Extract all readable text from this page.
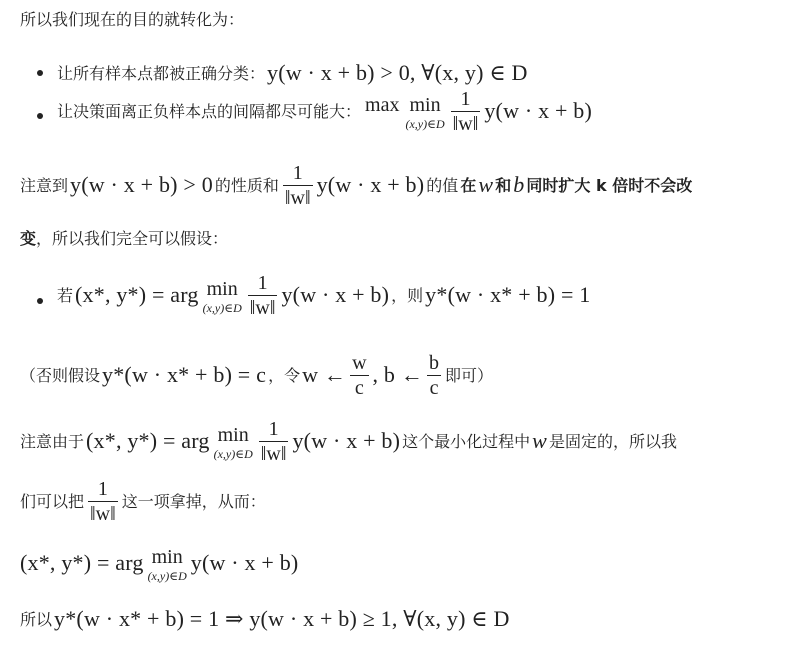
所以我们现在的目的就转化为：
让所有样本点都被正确分类： y(w · x + b) > 0, ∀(x, y) ∈ D
让决策面离正负样本点的间隔都尽可能大： max min
(x,y)∈D $\frac{1}{‖w‖} y(w \cdot x + b)$
注意到 y(w · x + b) > 0 的性质和 $\frac{1}{‖w‖} y(w \cdot x + b)$ 的值 在 w 和 b 同时扩大 k 倍时不会改
变，所以我们完全可以假设：
若 (x*, y*) = arg min
(x,y)∈D $\frac{1}{‖w‖} y(w \cdot x + b)$ ，则 y*(w · x* + b) = 1
（否则假设 y*(w · x* + b) = c ，令 w ← $\frac{w}{c}$ , b ← $\frac{b}{c}$ 即可）
注意由于 (x*, y*) = arg min
(x,y)∈D $\frac{1}{‖w‖} y(w \cdot x + b)$ 这个最小化过程中 w 是固定的，所以我
们可以把 $\frac{1}{‖w‖}$ 这一项拿掉，从而：
(x*, y*) = arg min
(x,y)∈D
y(w · x + b)
所以 y*(w · x* + b) = 1 ⇒ y(w · x + b) ≥ 1, ∀(x, y) ∈ D
